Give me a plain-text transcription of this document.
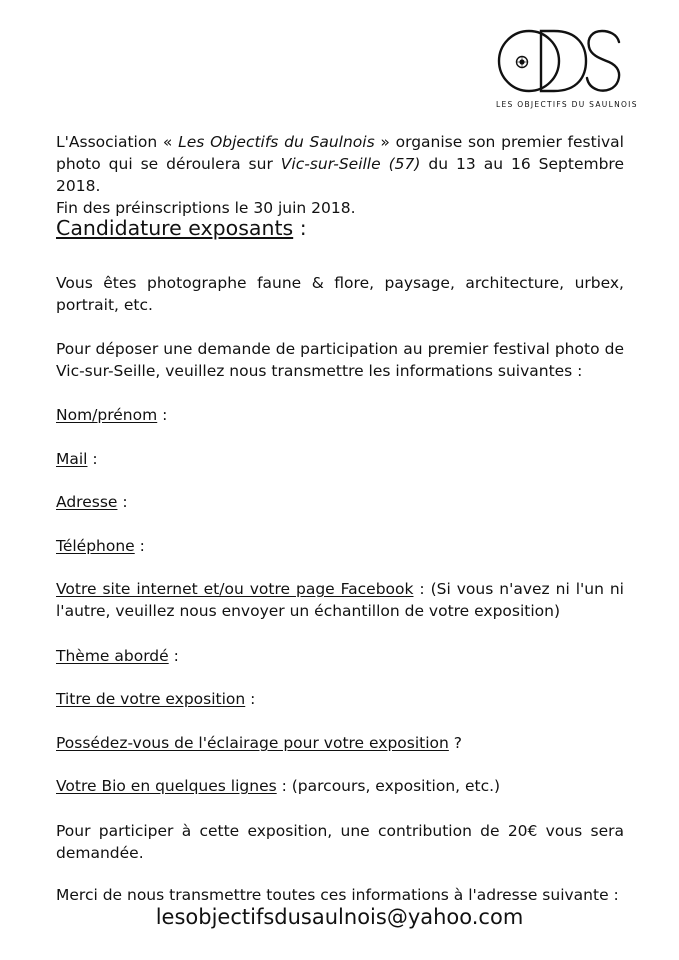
LES OBJECTIFS DU SAULNOIS
L'Association « Les Objectifs du Saulnois » organise son premier festival photo qui se déroulera sur Vic-sur-Seille (57) du 13 au 16 Septembre 2018.
Fin des préinscriptions le 30 juin 2018.
Candidature exposants :
Vous êtes photographe faune & flore, paysage, architecture, urbex, portrait, etc.
Pour déposer une demande de participation au premier festival photo de Vic-sur-Seille, veuillez nous transmettre les informations suivantes :
Nom/prénom :
Mail :
Adresse :
Téléphone :
Votre site internet et/ou votre page Facebook : (Si vous n'avez ni l'un ni l'autre, veuillez nous envoyer un échantillon de votre exposition)
Thème abordé :
Titre de votre exposition :
Possédez-vous de l'éclairage pour votre exposition ?
Votre Bio en quelques lignes : (parcours, exposition, etc.)
Pour participer à cette exposition, une contribution de 20€ vous sera demandée.
Merci de nous transmettre toutes ces informations à l'adresse suivante :
lesobjectifsdusaulnois@yahoo.com
